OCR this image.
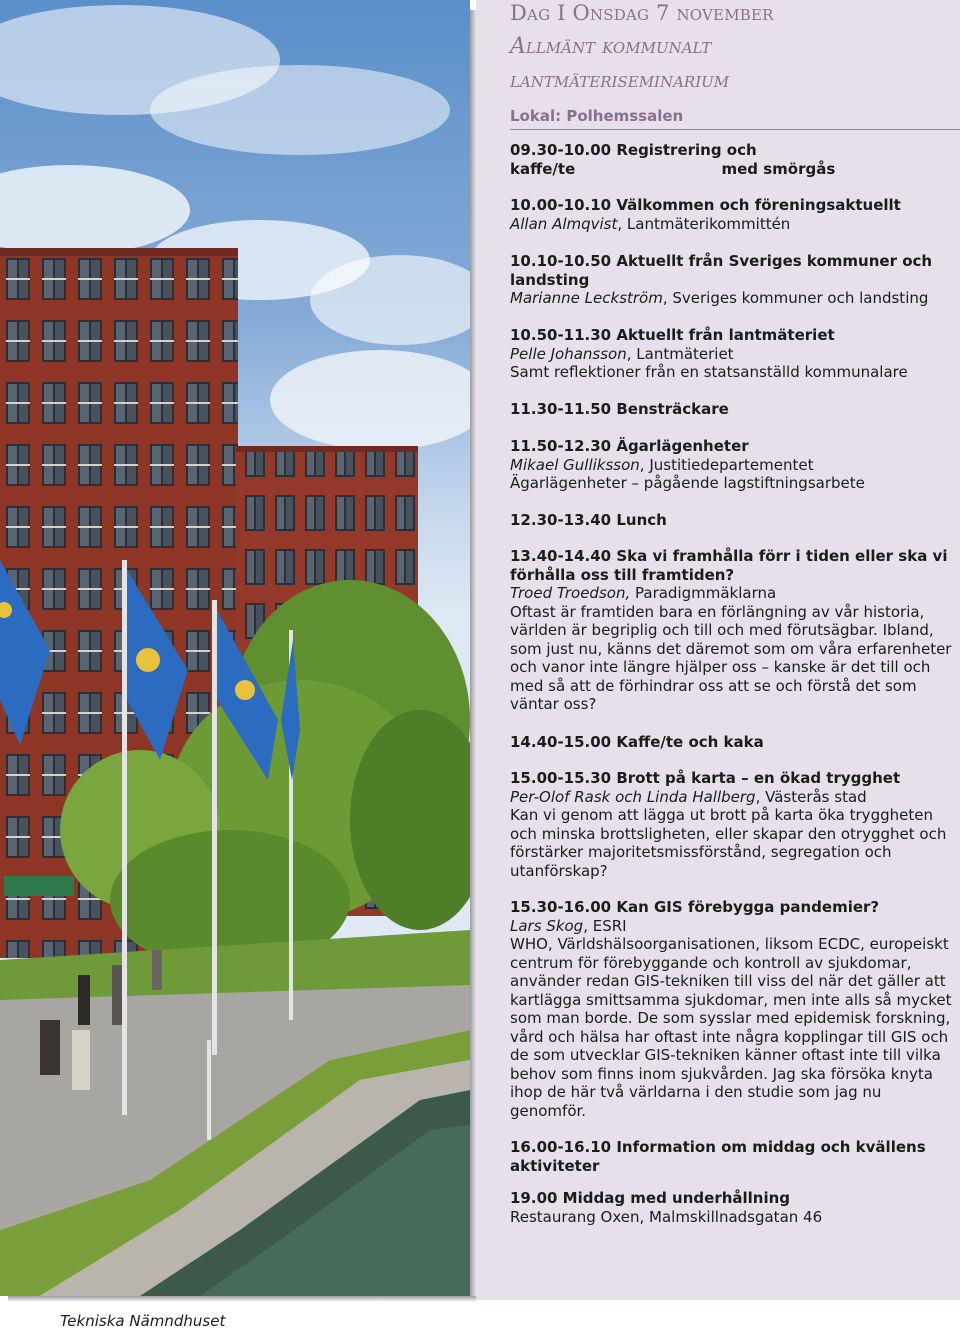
Dag I Onsdag 7 november
Allmänt kommunalt
lantmäteriseminarium
Lokal: Polhemssalen
09.30-10.00 Registrering och kaffe/te                            med smörgås
10.00-10.10 Välkommen och föreningsaktuellt
Allan Almqvist, Lantmäterikommittén
10.10-10.50 Aktuellt från Sveriges kommuner och landsting
Marianne Leckström, Sveriges kommuner och landsting
10.50-11.30 Aktuellt från lantmäteriet
Pelle Johansson, Lantmäteriet
Samt reflektioner från en statsanställd kommunalare
11.30-11.50 Bensträckare
11.50-12.30 Ägarlägenheter
Mikael Gulliksson, Justitiedepartementet
Ägarlägenheter – pågående lagstiftningsarbete
12.30-13.40 Lunch
13.40-14.40 Ska vi framhålla förr i tiden eller ska vi förhålla oss till framtiden?
Troed Troedson, Paradigmmäklarna
Oftast är framtiden bara en förlängning av vår historia, världen är begriplig och till och med förutsägbar. Ibland, som just nu, känns det däremot som om våra erfarenheter och vanor inte längre hjälper oss – kanske är det till och med så att de förhindrar oss att se och förstå det som väntar oss?
14.40-15.00 Kaffe/te och kaka
15.00-15.30 Brott på karta – en ökad trygghet
Per-Olof Rask och Linda Hallberg, Västerås stad
Kan vi genom att lägga ut brott på karta öka tryggheten och minska brottsligheten, eller skapar den otrygghet och förstärker majoritetsmissförstånd, segregation och utanförskap?
15.30-16.00 Kan GIS förebygga pandemier?
Lars Skog, ESRI
WHO, Världshälsoorganisationen, liksom ECDC, europeiskt centrum för förebyggande och kontroll av sjukdomar, använder redan GIS-tekniken till viss del när det gäller att kartlägga smittsamma sjukdomar, men inte alls så mycket som man borde. De som sysslar med epidemisk forskning, vård och hälsa har oftast inte några kopplingar till GIS och de som utvecklar GIS-tekniken känner oftast inte till vilka behov som finns inom sjukvården. Jag ska försöka knyta ihop de här två världarna i den studie som jag nu genomför.
16.00-16.10 Information om middag och kvällens aktiviteter
19.00 Middag med underhållning
Restaurang Oxen, Malmskillnadsgatan 46
Tekniska Nämndhuset
